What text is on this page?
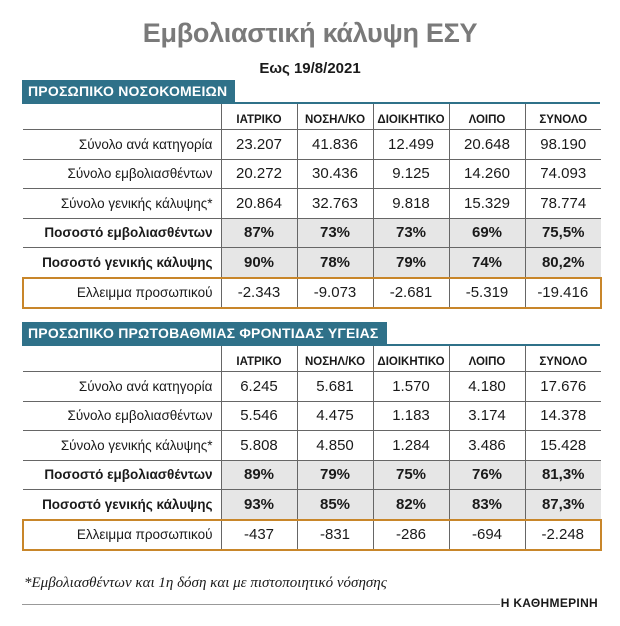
Εμβολιαστική κάλυψη ΕΣΥ
Εως 19/8/2021
ΠΡΟΣΩΠΙΚΟ ΝΟΣΟΚΟΜΕΙΩΝ
	ΙΑΤΡΙΚΟ	ΝΟΣΗΛ/ΚΟ	ΔΙΟΙΚΗΤΙΚΟ	ΛΟΙΠΟ	ΣΥΝΟΛΟ
Σύνολο ανά κατηγορία	23.207	41.836	12.499	20.648	98.190
Σύνολο εμβολιασθέντων	20.272	30.436	9.125	14.260	74.093
Σύνολο γενικής κάλυψης*	20.864	32.763	9.818	15.329	78.774
Ποσοστό εμβολιασθέντων	87%	73%	73%	69%	75,5%
Ποσοστό γενικής κάλυψης	90%	78%	79%	74%	80,2%
Ελλειμμα προσωπικού	-2.343	-9.073	-2.681	-5.319	-19.416
ΠΡΟΣΩΠΙΚΟ ΠΡΩΤΟΒΑΘΜΙΑΣ ΦΡΟΝΤΙΔΑΣ ΥΓΕΙΑΣ
	ΙΑΤΡΙΚΟ	ΝΟΣΗΛ/ΚΟ	ΔΙΟΙΚΗΤΙΚΟ	ΛΟΙΠΟ	ΣΥΝΟΛΟ
Σύνολο ανά κατηγορία	6.245	5.681	1.570	4.180	17.676
Σύνολο εμβολιασθέντων	5.546	4.475	1.183	3.174	14.378
Σύνολο γενικής κάλυψης*	5.808	4.850	1.284	3.486	15.428
Ποσοστό εμβολιασθέντων	89%	79%	75%	76%	81,3%
Ποσοστό γενικής κάλυψης	93%	85%	82%	83%	87,3%
Ελλειμμα προσωπικού	-437	-831	-286	-694	-2.248
*Εμβολιασθέντων και 1η δόση και με πιστοποιητικό νόσησης
Η ΚΑΘΗΜΕΡΙΝΗ
